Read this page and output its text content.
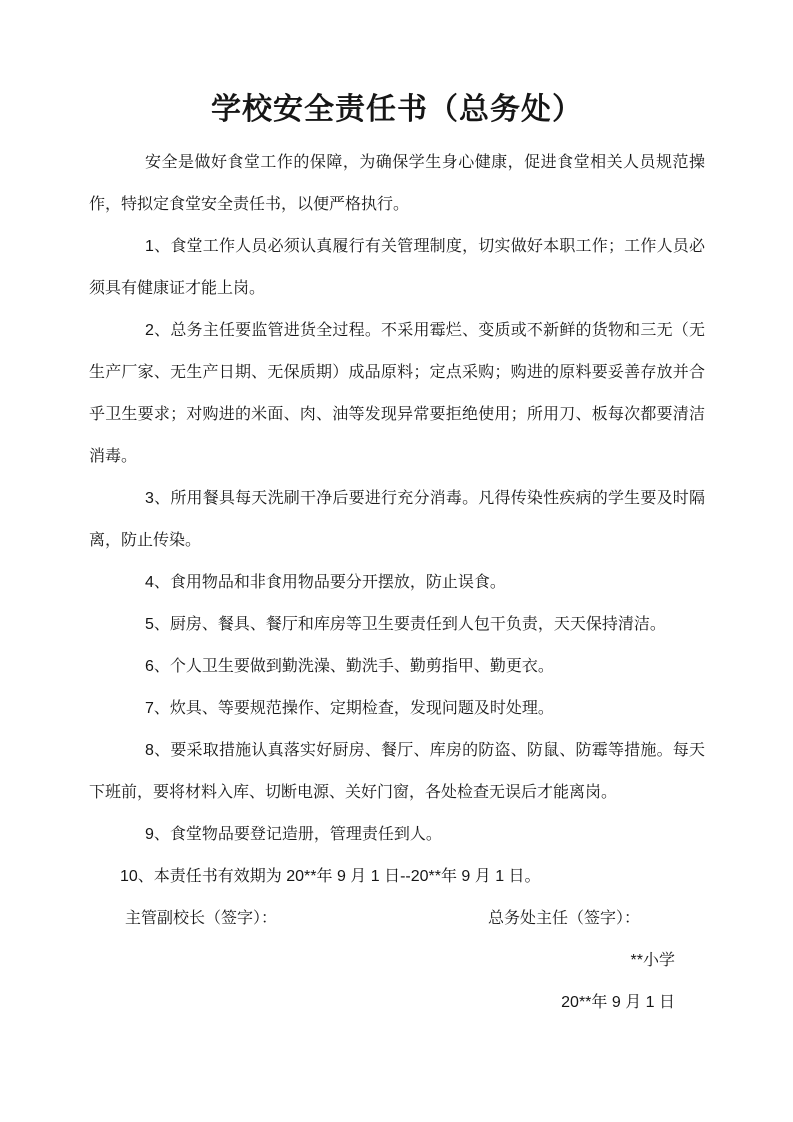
学校安全责任书（总务处）

安全是做好食堂工作的保障，为确保学生身心健康，促进食堂相关人员规范操作，特拟定食堂安全责任书，以便严格执行。

1、食堂工作人员必须认真履行有关管理制度，切实做好本职工作；工作人员必须具有健康证才能上岗。

2、总务主任要监管进货全过程。不采用霉烂、变质或不新鲜的货物和三无（无生产厂家、无生产日期、无保质期）成品原料；定点采购；购进的原料要妥善存放并合乎卫生要求；对购进的米面、肉、油等发现异常要拒绝使用；所用刀、板每次都要清洁消毒。

3、所用餐具每天洗刷干净后要进行充分消毒。凡得传染性疾病的学生要及时隔离，防止传染。

4、食用物品和非食用物品要分开摆放，防止误食。

5、厨房、餐具、餐厅和库房等卫生要责任到人包干负责，天天保持清洁。

6、个人卫生要做到勤洗澡、勤洗手、勤剪指甲、勤更衣。

7、炊具、等要规范操作、定期检查，发现问题及时处理。

8、要采取措施认真落实好厨房、餐厅、库房的防盗、防鼠、防霉等措施。每天下班前，要将材料入库、切断电源、关好门窗，各处检查无误后才能离岗。

9、食堂物品要登记造册，管理责任到人。

10、本责任书有效期为 20**年 9 月 1 日--20**年 9 月 1 日。

主管副校长（签字）：	总务处主任（签字）：

**小学

20**年 9 月 1 日
